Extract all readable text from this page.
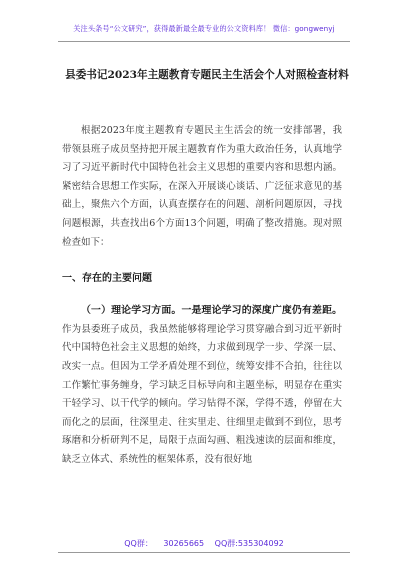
关注头条号“公文研究”，获得最新最全最专业的公文资料库！ 微信：gongwenyj
县委书记2023年主题教育专题民主生活会个人对照检查材料

根据2023年度主题教育专题民主生活会的统一安排部署，我带领县班子成员坚持把开展主题教育作为重大政治任务，认真地学习了习近平新时代中国特色社会主义思想的重要内容和思想内涵。紧密结合思想工作实际，在深入开展谈心谈话、广泛征求意见的基础上，聚焦六个方面，认真查摆存在的问题、剖析问题原因，寻找问题根源，共查找出6个方面13个问题，明确了整改措施。现对照检查如下：

一、存在的主要问题

（一）理论学习方面。一是理论学习的深度广度仍有差距。作为县委班子成员，我虽然能够将理论学习贯穿融合到习近平新时代中国特色社会主义思想的始终，力求做到现学一步、学深一层、改实一点。但因为工学矛盾处理不到位，统筹安排不合拍，往往以工作繁忙事务缠身，学习缺乏目标导向和主题坐标，明显存在重实干轻学习、以干代学的倾向。学习钻得不深，学得不透，停留在大而化之的层面，往深里走、往实里走、往细里走做到不到位，思考琢磨和分析研判不足，局限于点面勾画、粗浅速读的层面和维度，缺乏立体式、系统性的框架体系，没有很好地

QQ群： 30265665 QQ群:535304092
